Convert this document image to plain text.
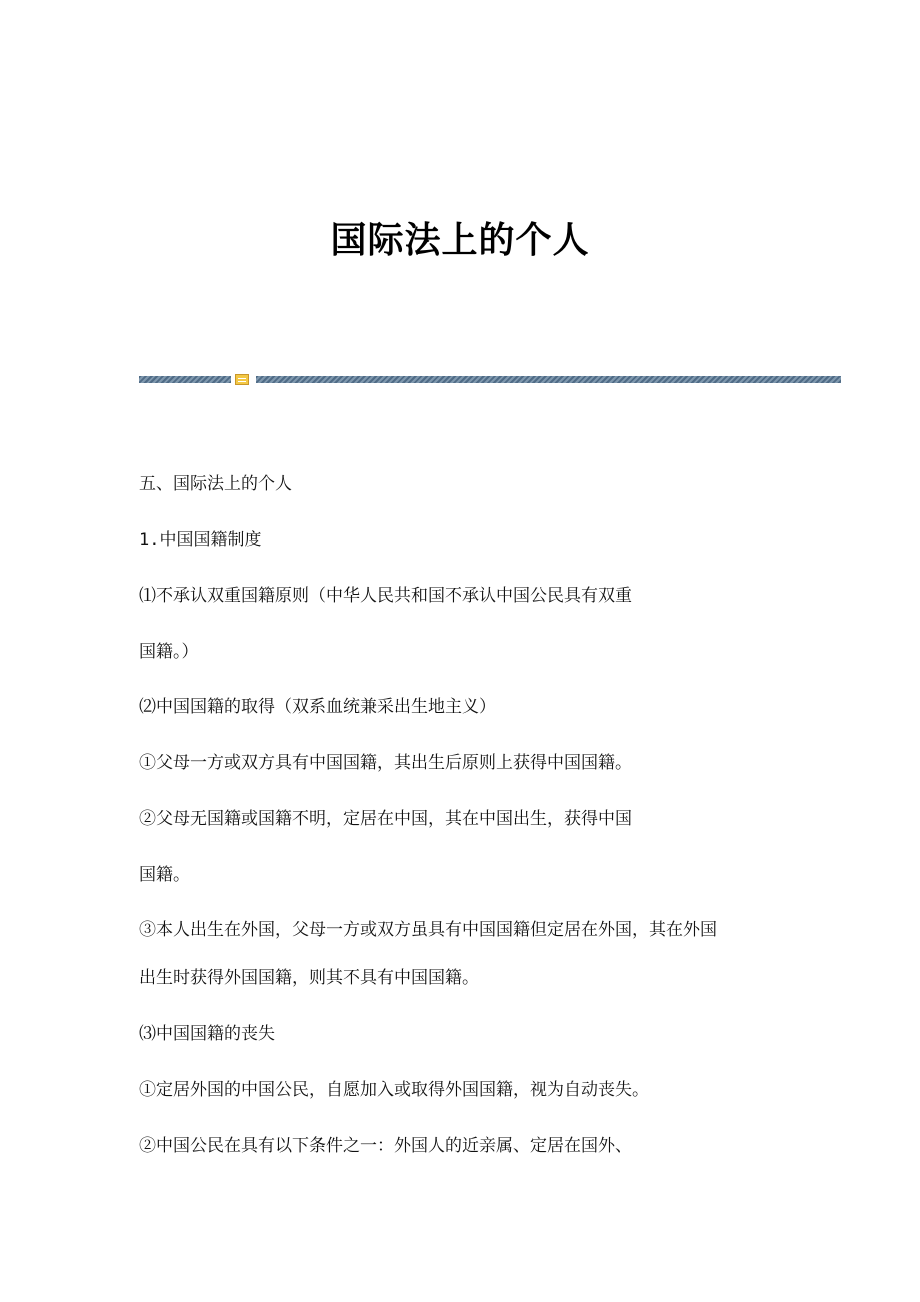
国际法上的个人
五、国际法上的个人
1.中国国籍制度
⑴不承认双重国籍原则（中华人民共和国不承认中国公民具有双重
国籍。）
⑵中国国籍的取得（双系血统兼采出生地主义）
①父母一方或双方具有中国国籍，其出生后原则上获得中国国籍。
②父母无国籍或国籍不明，定居在中国，其在中国出生，获得中国
国籍。
③本人出生在外国，父母一方或双方虽具有中国国籍但定居在外国，其在外国
出生时获得外国国籍，则其不具有中国国籍。
⑶中国国籍的丧失
①定居外国的中国公民，自愿加入或取得外国国籍，视为自动丧失。
②中国公民在具有以下条件之一：外国人的近亲属、定居在国外、
